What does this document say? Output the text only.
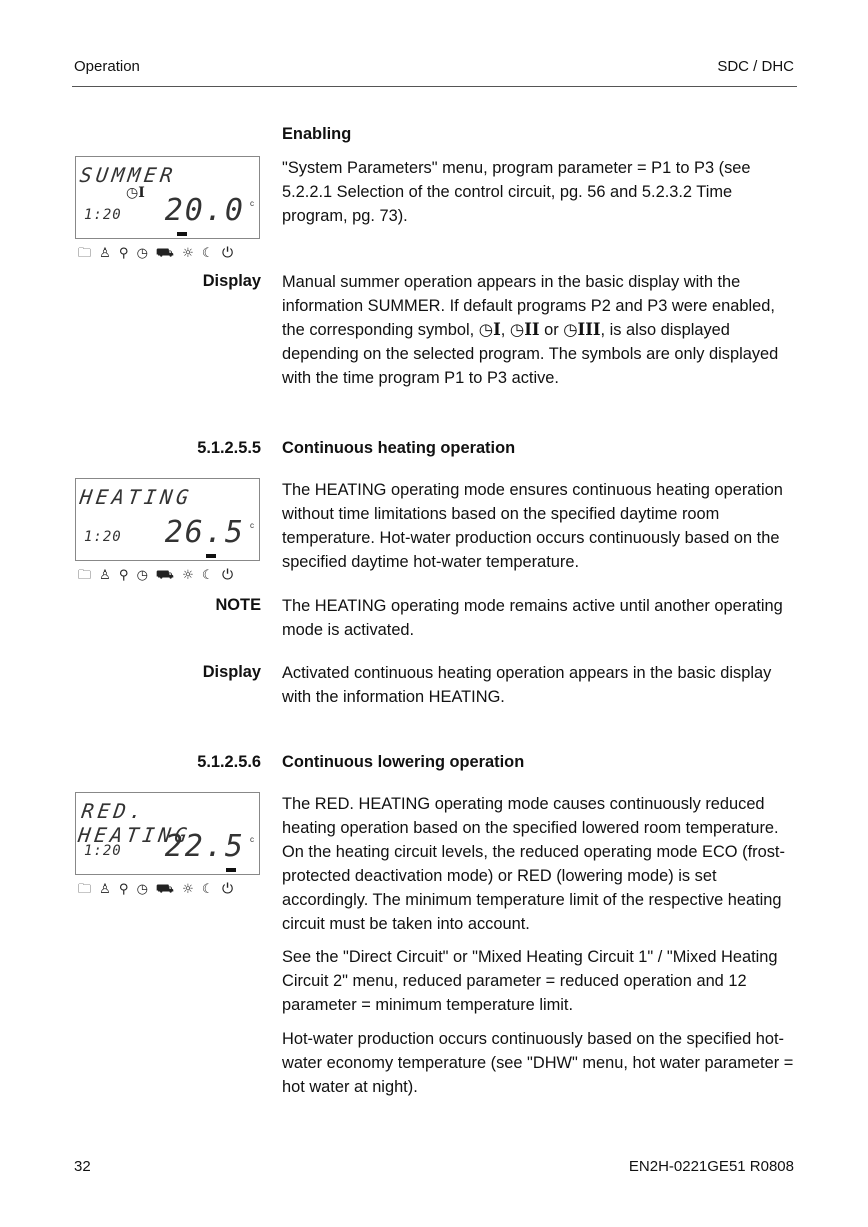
Operation	SDC / DHC
Enabling
SUMMER
◷I
1:20 20.0 c
🗀 ♙ ⚲ ◷ ⛟ ☼ ☾ ⏻
"System Parameters" menu, program parameter = P1 to P3 (see 5.2.2.1 Selection of the control circuit, pg. 56 and 5.2.3.2 Time program, pg. 73).
Display Manual summer operation appears in the basic display with the information SUMMER. If default programs P2 and P3 were enabled, the corresponding symbol, ◷I, ◷II or ◷III, is also displayed depending on the selected program. The symbols are only displayed with the time program P1 to P3 active.
5.1.2.5.5 Continuous heating operation
HEATING
1:20 26.5 c
🗀 ♙ ⚲ ◷ ⛟ ☼ ☾ ⏻
The HEATING operating mode ensures continuous heating operation without time limitations based on the specified daytime room temperature. Hot-water production occurs continuously based on the specified daytime hot-water temperature.
NOTE The HEATING operating mode remains active until another operating mode is activated.
Display Activated continuous heating operation appears in the basic display with the information HEATING.
5.1.2.5.6 Continuous lowering operation
RED. HEATING
1:20 22.5 c
🗀 ♙ ⚲ ◷ ⛟ ☼ ☾ ⏻
The RED. HEATING operating mode causes continuously reduced heating operation based on the specified lowered room temperature. On the heating circuit levels, the reduced operating mode ECO (frost-protected deactivation mode) or RED (lowering mode) is set accordingly. The minimum temperature limit of the respective heating circuit must be taken into account.
See the "Direct Circuit" or "Mixed Heating Circuit 1" / "Mixed Heating Circuit 2" menu, reduced parameter = reduced operation and 12 parameter = minimum temperature limit.
Hot-water production occurs continuously based on the specified hot-water economy temperature (see "DHW" menu, hot water parameter = hot water at night).
32	EN2H-0221GE51 R0808
